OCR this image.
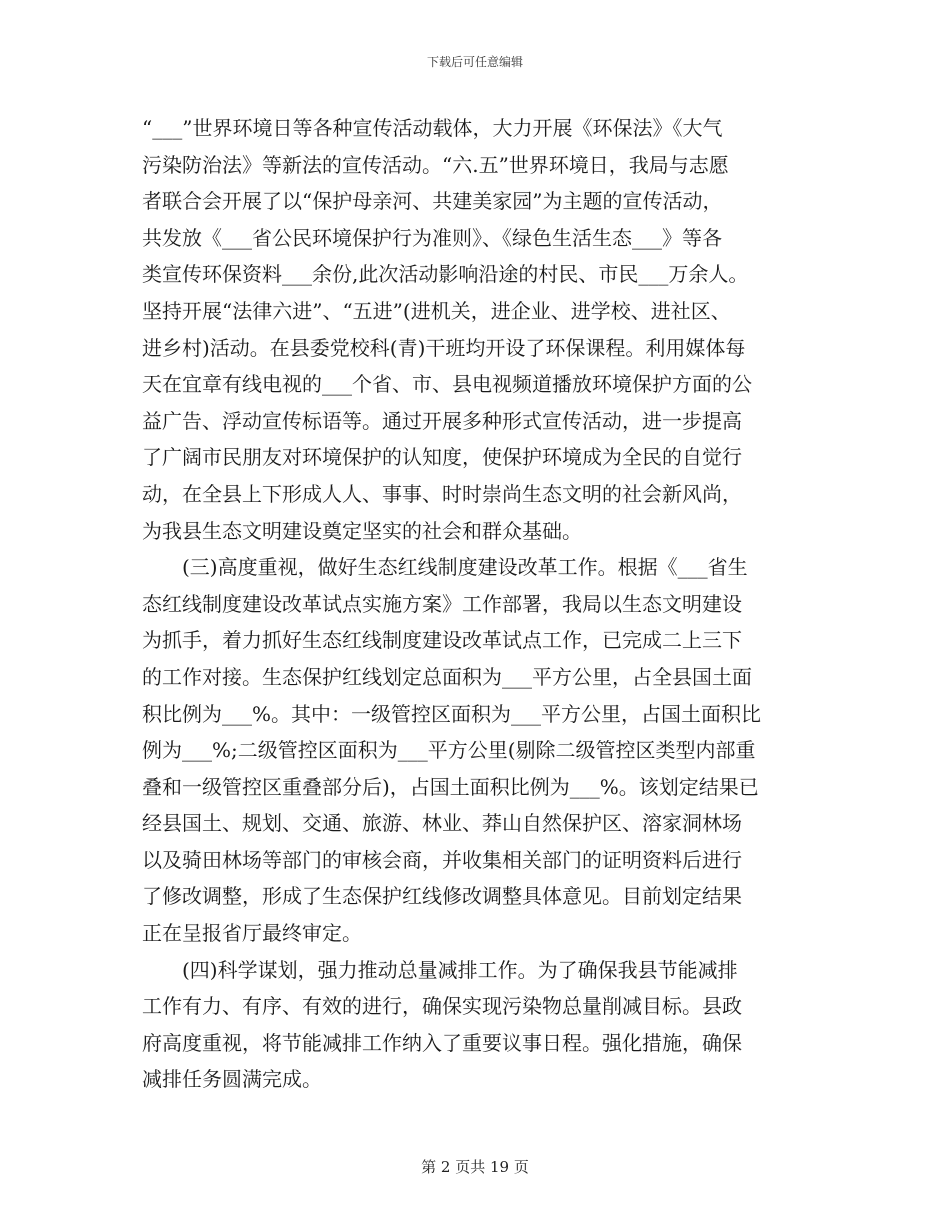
下载后可任意编辑
“___”世界环境日等各种宣传活动载体，大力开展《环保法》《大气
污染防治法》等新法的宣传活动。“六.五”世界环境日，我局与志愿
者联合会开展了以“保护母亲河、共建美家园”为主题的宣传活动，
共发放《___省公民环境保护行为准则》、《绿色生活生态___》等各
类宣传环保资料___余份,此次活动影响沿途的村民、市民___万余人。
坚持开展“法律六进”、“五进”(进机关，进企业、进学校、进社区、
进乡村)活动。在县委党校科(青)干班均开设了环保课程。利用媒体每
天在宜章有线电视的___个省、市、县电视频道播放环境保护方面的公
益广告、浮动宣传标语等。通过开展多种形式宣传活动，进一步提高
了广阔市民朋友对环境保护的认知度，使保护环境成为全民的自觉行
动，在全县上下形成人人、事事、时时崇尚生态文明的社会新风尚，
为我县生态文明建设奠定坚实的社会和群众基础。
(三)高度重视，做好生态红线制度建设改革工作。根据《___省生
态红线制度建设改革试点实施方案》工作部署，我局以生态文明建设
为抓手，着力抓好生态红线制度建设改革试点工作，已完成二上三下
的工作对接。生态保护红线划定总面积为___平方公里，占全县国土面
积比例为___%。其中：一级管控区面积为___平方公里，占国土面积比
例为___%;二级管控区面积为___平方公里(剔除二级管控区类型内部重
叠和一级管控区重叠部分后)，占国土面积比例为___%。该划定结果已
经县国土、规划、交通、旅游、林业、莽山自然保护区、溶家洞林场
以及骑田林场等部门的审核会商，并收集相关部门的证明资料后进行
了修改调整，形成了生态保护红线修改调整具体意见。目前划定结果
正在呈报省厅最终审定。
(四)科学谋划，强力推动总量减排工作。为了确保我县节能减排
工作有力、有序、有效的进行，确保实现污染物总量削减目标。县政
府高度重视，将节能减排工作纳入了重要议事日程。强化措施，确保
减排任务圆满完成。
第 2 页共 19 页
